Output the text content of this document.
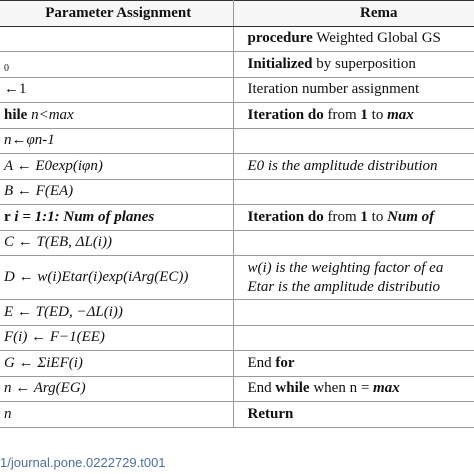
Parameter Assignment	Rema
	procedure Weighted Global GS
$_0$	Initialized by superposition
←1	Iteration number assignment
hile n<max	Iteration do from 1 to max
n←φn-1	
A ← E0exp(iφn)	E0 is the amplitude distribution
B ← F(EA)	
r i = 1:1: Num of planes	Iteration do from 1 to Num of
C ← T(EB, ΔL(i))	
D ← w(i)Etar(i)exp(iArg(EC))	w(i) is the weighting factor of ea
Etar is the amplitude distributio

E ← T(ED, −ΔL(i))	
F(i) ← F−1(EE)	
G ← ΣiEF(i)	End for
n ← Arg(EG)	End while when n = max
n	Return
1/journal.pone.0222729.t001
